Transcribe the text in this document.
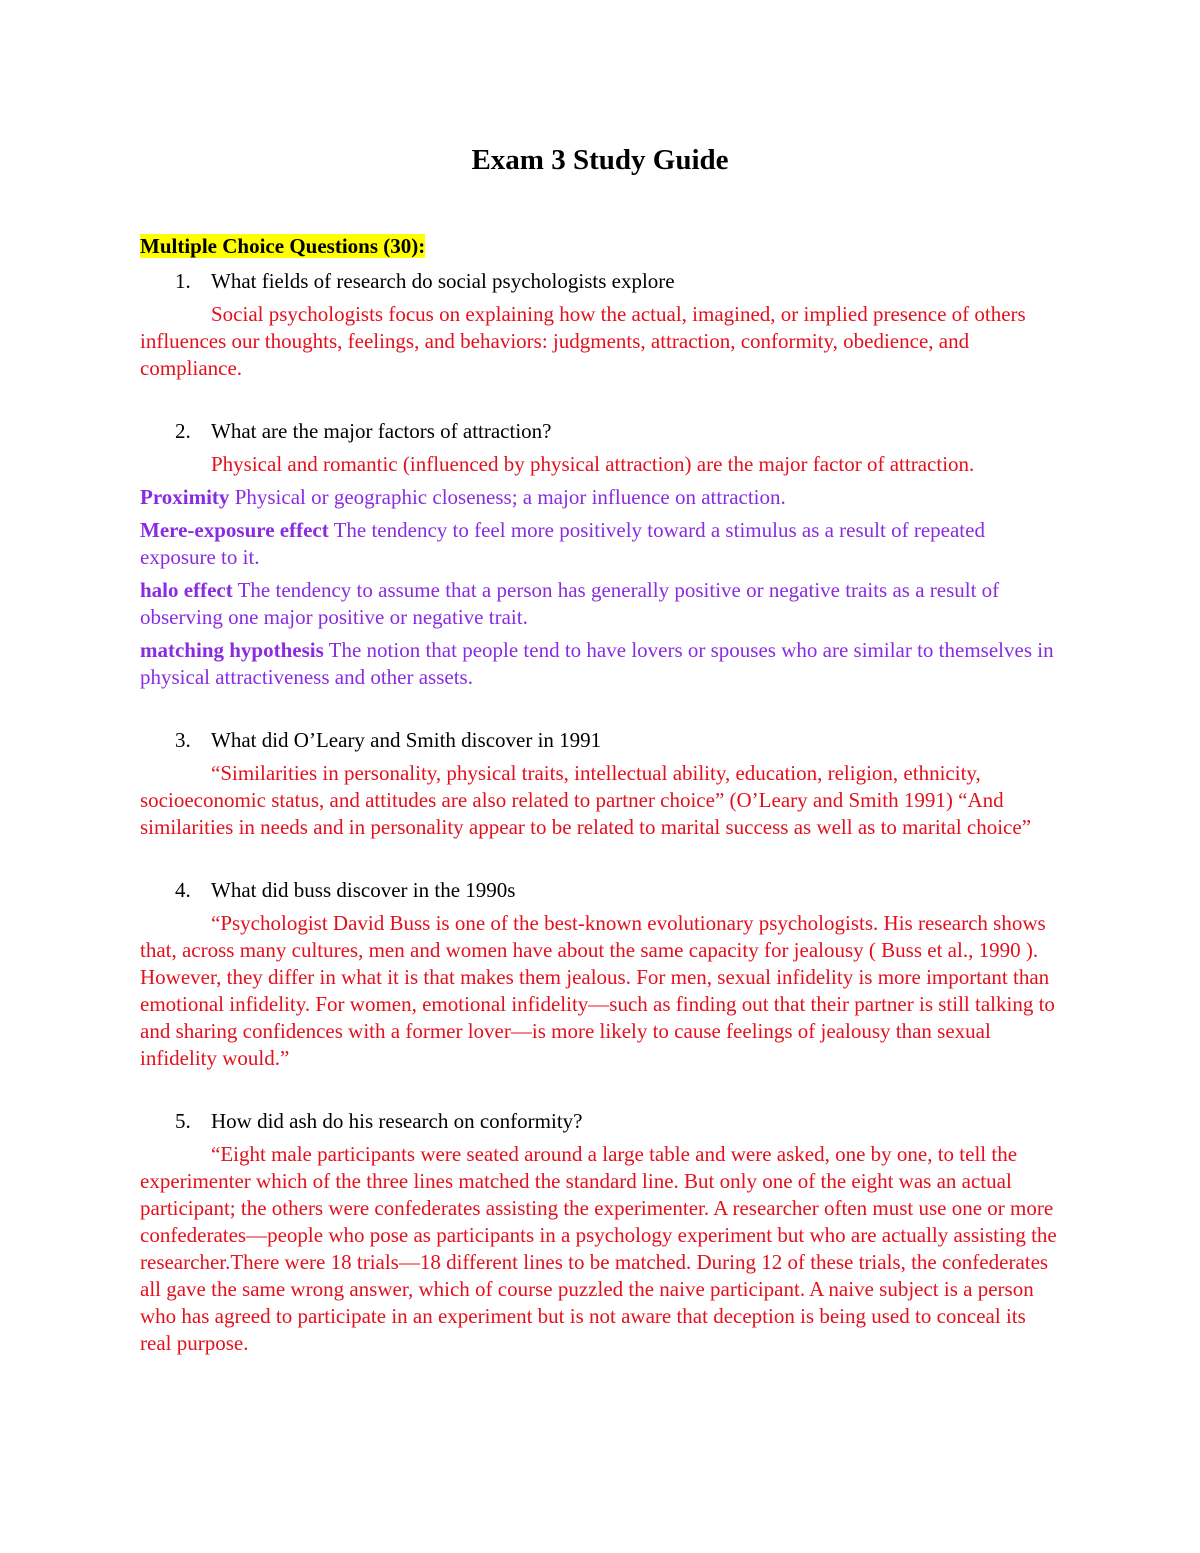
Exam 3 Study Guide
Multiple Choice Questions (30):

1. What fields of research do social psychologists explore

Social psychologists focus on explaining how the actual, imagined, or implied presence of others influences our thoughts, feelings, and behaviors: judgments, attraction, conformity, obedience, and compliance.

2. What are the major factors of attraction?

Physical and romantic (influenced by physical attraction) are the major factor of attraction.

Proximity Physical or geographic closeness; a major influence on attraction.

Mere-exposure effect The tendency to feel more positively toward a stimulus as a result of repeated exposure to it.

halo effect The tendency to assume that a person has generally positive or negative traits as a result of observing one major positive or negative trait.

matching hypothesis The notion that people tend to have lovers or spouses who are similar to themselves in physical attractiveness and other assets.

3. What did O’Leary and Smith discover in 1991

“Similarities in personality, physical traits, intellectual ability, education, religion, ethnicity, socioeconomic status, and attitudes are also related to partner choice” (O’Leary and Smith 1991) “And similarities in needs and in personality appear to be related to marital success as well as to marital choice”

4. What did buss discover in the 1990s

“Psychologist David Buss is one of the best-known evolutionary psychologists. His research shows that, across many cultures, men and women have about the same capacity for jealousy ( Buss et al., 1990 ). However, they differ in what it is that makes them jealous. For men, sexual infidelity is more important than emotional infidelity. For women, emotional infidelity—such as finding out that their partner is still talking to and sharing confidences with a former lover—is more likely to cause feelings of jealousy than sexual infidelity would.”

5. How did ash do his research on conformity?

“Eight male participants were seated around a large table and were asked, one by one, to tell the experimenter which of the three lines matched the standard line. But only one of the eight was an actual participant; the others were confederates assisting the experimenter. A researcher often must use one or more confederates—people who pose as participants in a psychology experiment but who are actually assisting the researcher.There were 18 trials—18 different lines to be matched. During 12 of these trials, the confederates all gave the same wrong answer, which of course puzzled the naive participant. A naive subject is a person who has agreed to participate in an experiment but is not aware that deception is being used to conceal its real purpose.
